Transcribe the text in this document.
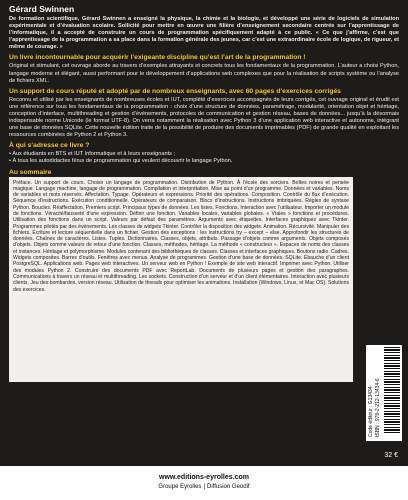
Gérard Swinnen

De formation scientifique, Gérard Swinnen a enseigné la physique, la chimie et la biologie, et développé une série de logiciels de simulation expérimentale et d’évaluation scolaire. Sollicité pour mettre en œuvre une filière d’enseignement secondaire centrée sur l’apprentissage de l’informatique, il a accepté de construire un cours de programmation spécifiquement adapté à ce public. « Ce que j’affirme, c’est que l’apprentissage de la programmation a sa place dans la formation générale des jeunes, car c’est une extraordinaire école de logique, de rigueur, et même de courage. »

Un livre incontournable pour acquérir l’exigeante discipline qu’est l’art de la programmation !

Original et stimulant, cet ouvrage aborde au travers d’exemples attrayants et concrets tous les fondamentaux de la programmation. L’auteur a choisi Python, langage moderne et élégant, aussi performant pour le développement d’applications web complexes que pour la réalisation de scripts système ou l’analyse de fichiers XML.

Un support de cours réputé et adopté par de nombreux enseignants, avec 60 pages d’exercices corrigés

Reconnu et utilisé par les enseignants de nombreuses écoles et IUT, complété d’exercices accompagnés de leurs corrigés, cet ouvrage original et érudit est une référence sur tous les fondamentaux de la programmation : choix d’une structure de données, paramétrage, modularité, orientation objet et héritage, conception d’interface, multithreading et gestion d’événements, protocoles de communication et gestion réseau, bases de données... jusqu’à la désormais indispensable norme Unicode (le format UTF-8). On verra notamment la réalisation avec Python 3 d’une application web interactive et autonome, intégrant une base de données SQLite. Cette nouvelle édition traite de la possibilité de produire des documents imprimables (PDF) de grande qualité en exploitant les ressources combinées de Python 2 et Python 3.

À qui s’adresse ce livre ?
• Aux étudiants en BTS et IUT Informatique et à leurs enseignants ;
• À tous les autodidactes férus de programmation qui veulent découvrir le langage Python.
Au sommaire

Préface. Un support de cours. Choisir un langage de programmation. Distribution de Python. À l’école des sorciers. Boîtes noires et pensée magique. Langage machine, langage de programmation. Compilation et interprétation. Mise au point d’un programme. Données et variables. Noms de variables et mots réservés. Affectation. Typage. Opérateurs et expressions. Priorité des opérations. Composition. Contrôle du flux d’exécution. Séquence d’instructions. Exécution conditionnelle. Opérateurs de comparaison. Blocs d’instructions. Instructions imbriquées. Règles de syntaxe Python. Boucles. Réaffectation. Premiers script. Principaux types de données. Les listes. Fonctions. Interaction avec l’utilisateur. Importer un module de fonctions. Véracité/fausseté d’une expression. Définir une fonction. Variables locales, variables globales. « Vraies » fonctions et procédures. Utilisation des fonctions dans un script. Valeurs par défaut des paramètres. Arguments avec étiquettes. Interfaces graphiques avec Tkinter. Programmes pilotés par des événements. Les classes de widgets Tkinter. Contrôler la disposition des widgets. Animation. Récursivité. Manipuler des fichiers. Écriture et lecture séquentielle dans un fichier. Gestion des exceptions : les instructions try – except – else. Approfondir les structures de données. Chaînes de caractères. Listes. Tuples. Dictionnaires. Classes, objets, attributs. Passage d’objets comme arguments. Objets composés d’objets. Objets comme valeurs de retour d’une fonction. Classes, méthodes, héritage. La méthode « constructeur ». Espaces de noms des classes et instances. Héritage et polymorphisme. Modules contenant des bibliothèques de classes. Classes et interfaces graphiques. Boutons radio. Cadres. Widgets composites. Barres d’outils. Fenêtres avec menus. Analyse de programmes. Gestion d’une base de données. SQLite. Ébauche d’un client PostgreSQL. Applications web. Pages web interactives. Un serveur web en Python ! Exemple de site web interactif. Imprimer avec Python. Utiliser des modules Python 2. Construire des documents PDF avec ReportLab. Documents de plusieurs pages et gestion des paragraphes. Communications à travers un réseau et multithreading. Les sockets. Construction d’un serveur et d’un client élémentaires. Interaction avec plusieurs clients. Jeu des bombardes, version réseau. Utilisation de threads pour optimiser les animations. Installation (Windows, Linux, et Mac OS). Solutions des exercices.

Code éditeur : G13434 ISBN : 978-2-212-13434-6
32 €
www.editions-eyrolles.com
Groupe Eyrolles | Diffusion Geodif
